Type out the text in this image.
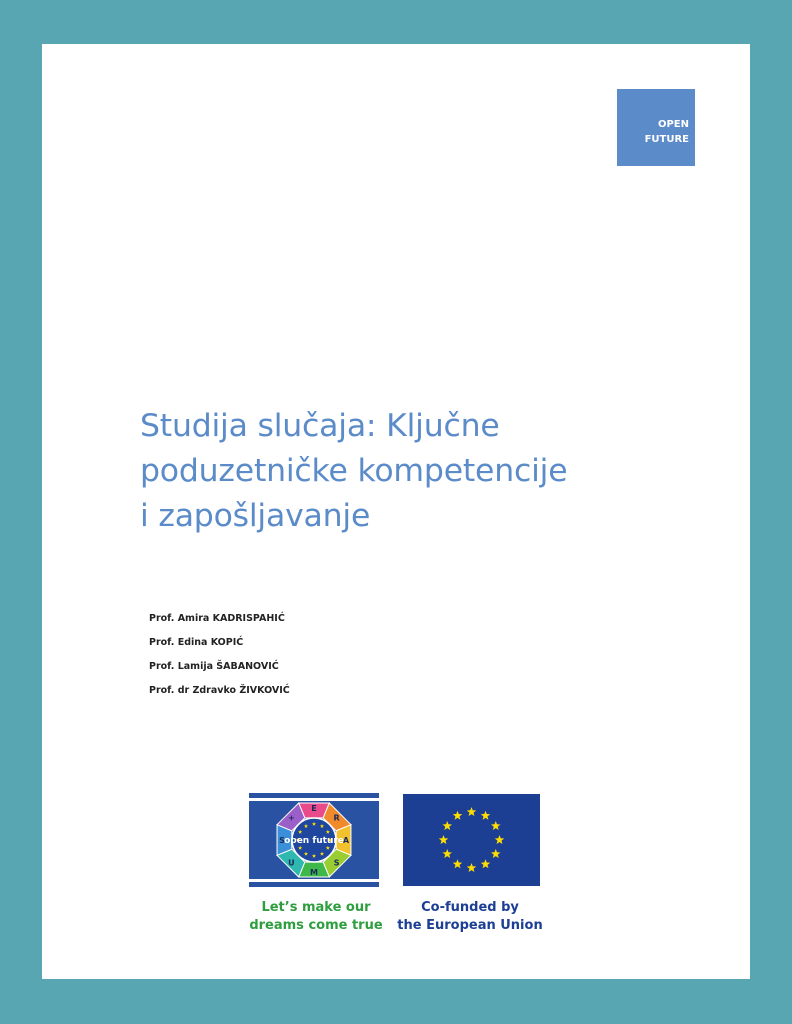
OPEN
FUTURE
Studija slučaja: Ključne
poduzetničke kompetencije
i zapošljavanje
Prof. Amira KADRISPAHIĆ
Prof. Edina KOPIĆ
Prof. Lamija ŠABANOVIĆ
Prof. dr Zdravko ŽIVKOVIĆ
E
R
A
S
M
U
S
+
open future
Let’s make our
dreams come true
Co-funded by
the European Union
